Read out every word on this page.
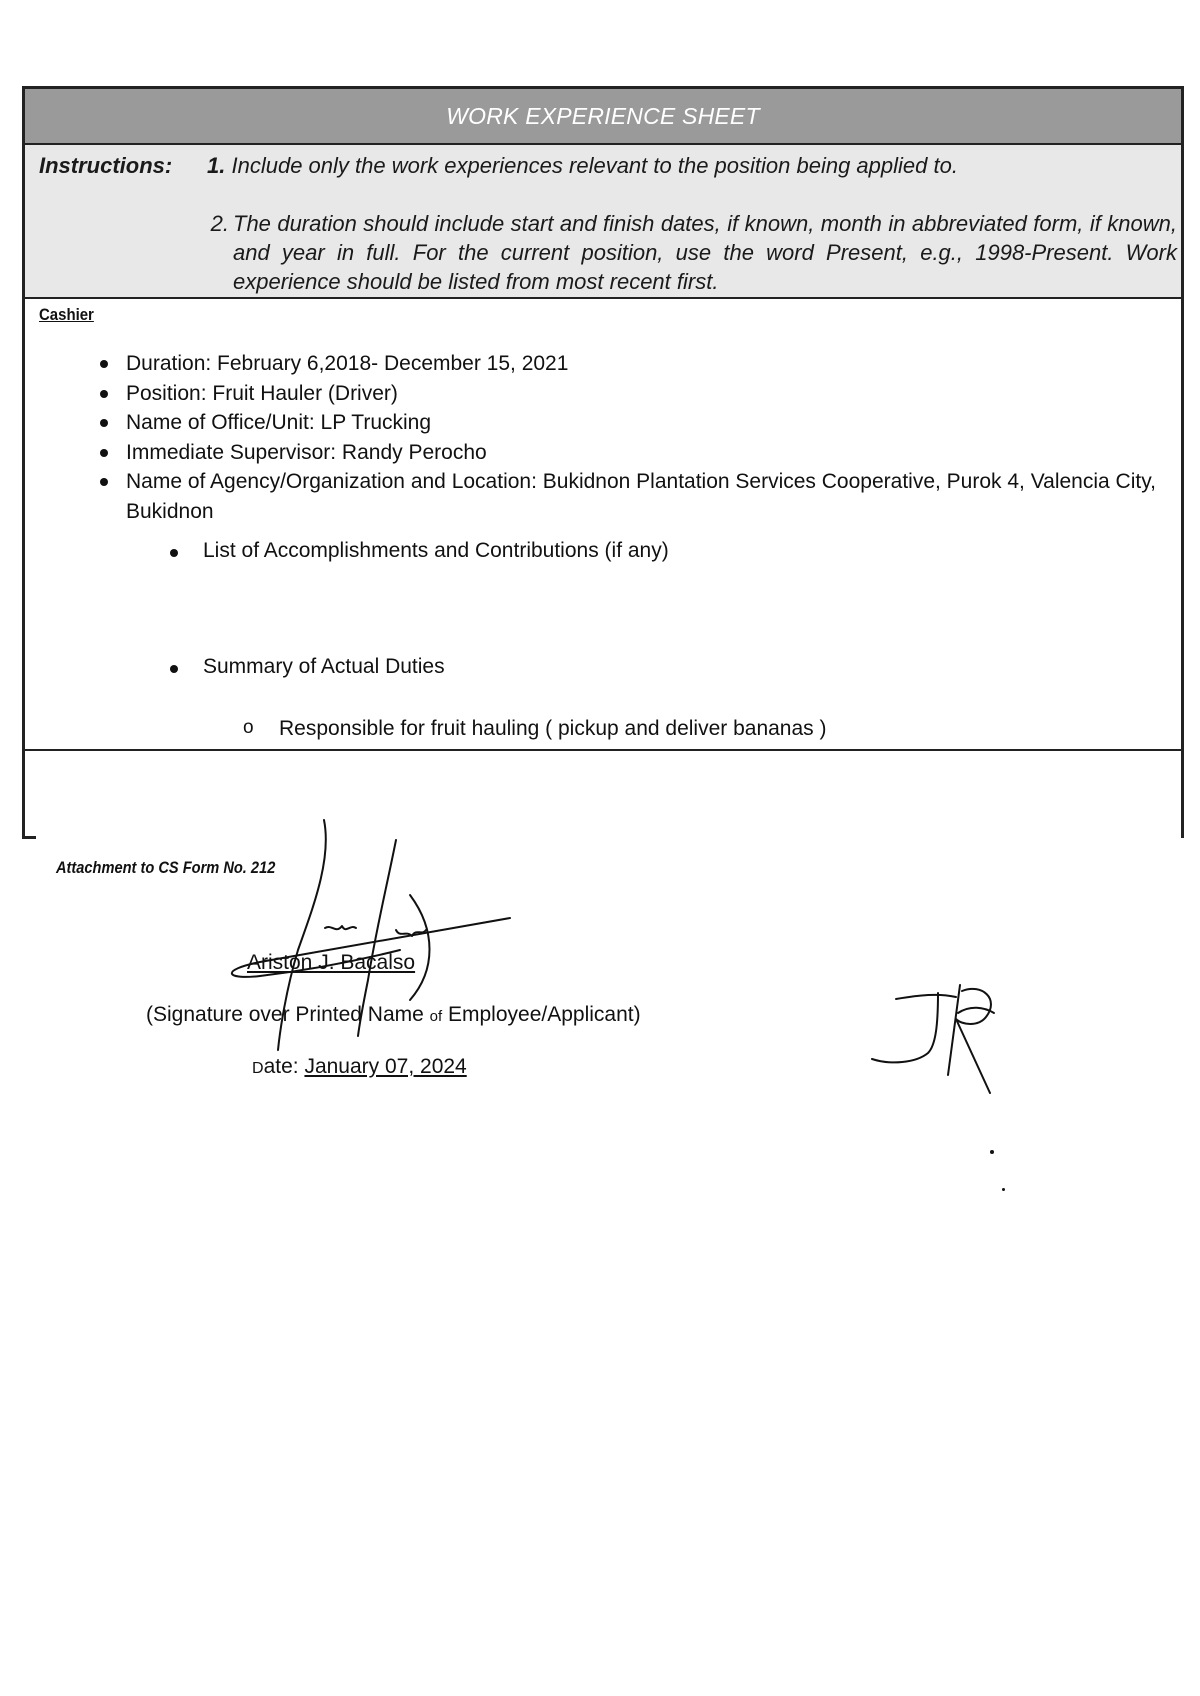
WORK EXPERIENCE SHEET
Instructions: 1. Include only the work experiences relevant to the position being applied to.
2. The duration should include start and finish dates, if known, month in abbreviated form, if known, and year in full. For the current position, use the word Present, e.g., 1998-Present. Work experience should be listed from most recent first.
Cashier
Duration: February 6,2018- December 15, 2021
Position: Fruit Hauler (Driver)
Name of Office/Unit: LP Trucking
Immediate Supervisor: Randy Perocho
Name of Agency/Organization and Location: Bukidnon Plantation Services Cooperative, Purok 4, Valencia City, Bukidnon
List of Accomplishments and Contributions (if any)
Summary of Actual Duties
o Responsible for fruit hauling ( pickup and deliver bananas )
Attachment to CS Form No. 212
Ariston J. Bacalso
(Signature over Printed Name of Employee/Applicant)
Date: January 07, 2024
